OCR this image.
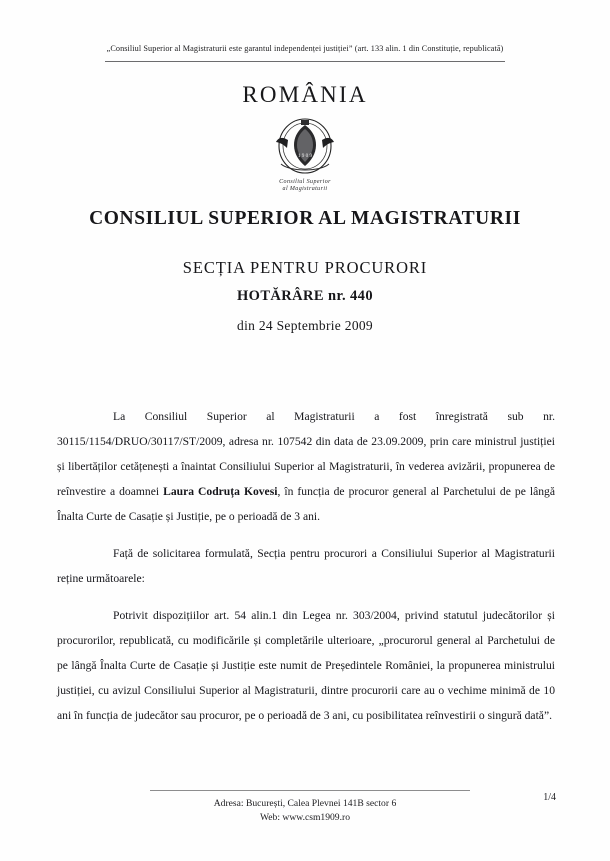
„Consiliul Superior al Magistraturii este garantul independenței justiției” (art. 133 alin. 1 din Constituție, republicată)
ROMÂNIA
1 9 0 9
Consiliul Superior
al Magistraturii
CONSILIUL SUPERIOR AL MAGISTRATURII
SECȚIA PENTRU PROCURORI
HOTĂRÂRE nr. 440
din 24 Septembrie 2009

La Consiliul Superior al Magistraturii a fost înregistrată sub nr. 30115/1154/DRUO/30117/ST/2009, adresa nr. 107542 din data de 23.09.2009, prin care ministrul justiției și libertăților cetățenești a înaintat Consiliului Superior al Magistraturii, în vederea avizării, propunerea de reînvestire a doamnei Laura Codruța Kovesi, în funcția de procuror general al Parchetului de pe lângă Înalta Curte de Casație și Justiție, pe o perioadă de 3 ani.

Față de solicitarea formulată, Secția pentru procurori a Consiliului Superior al Magistraturii reține următoarele:

Potrivit dispozițiilor art. 54 alin.1 din Legea nr. 303/2004, privind statutul judecătorilor și procurorilor, republicată, cu modificările și completările ulterioare, „procurorul general al Parchetului de pe lângă Înalta Curte de Casație și Justiție este numit de Președintele României, la propunerea ministrului justiției, cu avizul Consiliului Superior al Magistraturii, dintre procurorii care au o vechime minimă de 10 ani în funcția de judecător sau procuror, pe o perioadă de 3 ani, cu posibilitatea reînvestirii o singură dată”.

Adresa: București, Calea Plevnei 141B sector 6
Web: www.csm1909.ro
1/4
